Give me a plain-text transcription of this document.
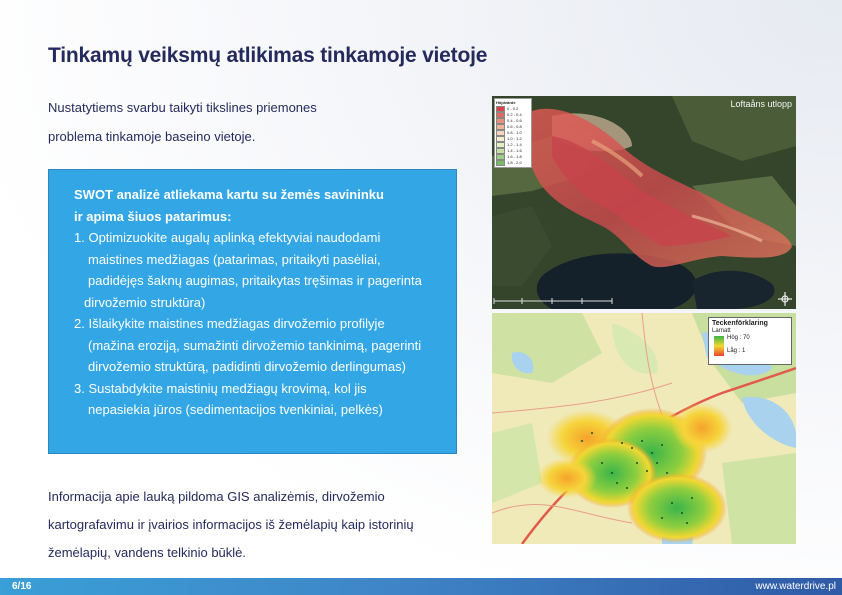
Tinkamų veiksmų atlikimas tinkamoje vietoje
Nustatytiems svarbu taikyti tikslines priemones
problema tinkamoje baseino vietoje.
SWOT analizė atliekama kartu su žemės savininku
ir apima šiuos patarimus:
1. Optimizuokite augalų aplinką efektyviai naudodami
maistines medžiagas (patarimas, pritaikyti pasėliai,
padidėjęs šaknų augimas, pritaikytas tręšimas ir pagerinta
dirvožemio struktūra)
2. Išlaikykite maistines medžiagas dirvožemio profilyje
(mažina eroziją, sumažinti dirvožemio tankinimą, pagerinti
dirvožemio struktūrą, padidinti dirvožemio derlingumas)
3. Sustabdykite maistinių medžiagų krovimą, kol jis
nepasiekia jūros (sedimentacijos tvenkiniai, pelkės)
Informacija apie lauką pildoma GIS analizėmis, dirvožemio
kartografavimu ir įvairios informacijos iš žemėlapių kaip istorinių
žemėlapių, vandens telkinio būklė.
Höjdvärde
0 - 0.2
0.2 - 0.4
0.4 - 0.6
0.6 - 0.8
0.8 - 1.0
1.0 - 1.2
1.2 - 1.4
1.4 - 1.6
1.6 - 1.8
1.8 - 2.0
Loftaåns utlopp
Teckenförklaring
Larnatt
Hög : 70
Låg : 1
6/16	www.waterdrive.pl
